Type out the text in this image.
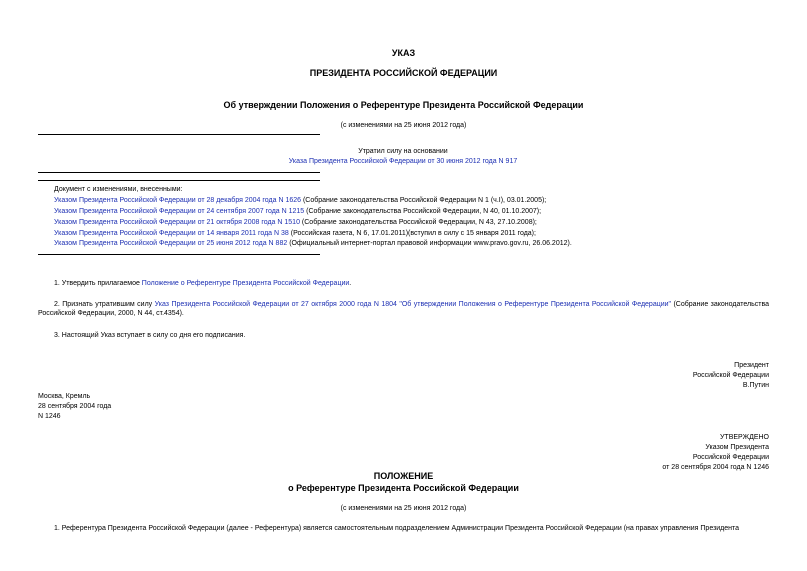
УКАЗ
ПРЕЗИДЕНТА РОССИЙСКОЙ ФЕДЕРАЦИИ
Об утверждении Положения о Референтуре Президента Российской Федерации
(с изменениями на 25 июня 2012 года)
Утратил силу на основании
Указа Президента Российской Федерации от 30 июня 2012 года N 917
Документ с изменениями, внесенными:
Указом Президента Российской Федерации от 28 декабря 2004 года N 1626 (Собрание законодательства Российской Федерации N 1 (ч.I), 03.01.2005);
Указом Президента Российской Федерации от 24 сентября 2007 года N 1215 (Собрание законодательства Российской Федерации, N 40, 01.10.2007);
Указом Президента Российской Федерации от 21 октября 2008 года N 1510 (Собрание законодательства Российской Федерации, N 43, 27.10.2008);
Указом Президента Российской Федерации от 14 января 2011 года N 38 (Российская газета, N 6, 17.01.2011)(вступил в силу с 15 января 2011 года);
Указом Президента Российской Федерации от 25 июня 2012 года N 882 (Официальный интернет-портал правовой информации www.pravo.gov.ru, 26.06.2012).
1. Утвердить прилагаемое Положение о Референтуре Президента Российской Федерации.
2. Признать утратившим силу Указ Президента Российской Федерации от 27 октября 2000 года N 1804 "Об утверждении Положения о Референтуре Президента Российской Федерации" (Собрание законодательства Российской Федерации, 2000, N 44, ст.4354).
3. Настоящий Указ вступает в силу со дня его подписания.
Президент
Российской Федерации
В.Путин
Москва, Кремль
28 сентября 2004 года
N 1246
УТВЕРЖДЕНО
Указом Президента
Российской Федерации
от 28 сентября 2004 года N 1246
ПОЛОЖЕНИЕ
о Референтуре Президента Российской Федерации
(с изменениями на 25 июня 2012 года)
1. Референтура Президента Российской Федерации (далее - Референтура) является самостоятельным подразделением Администрации Президента Российской Федерации (на правах управления Президента
